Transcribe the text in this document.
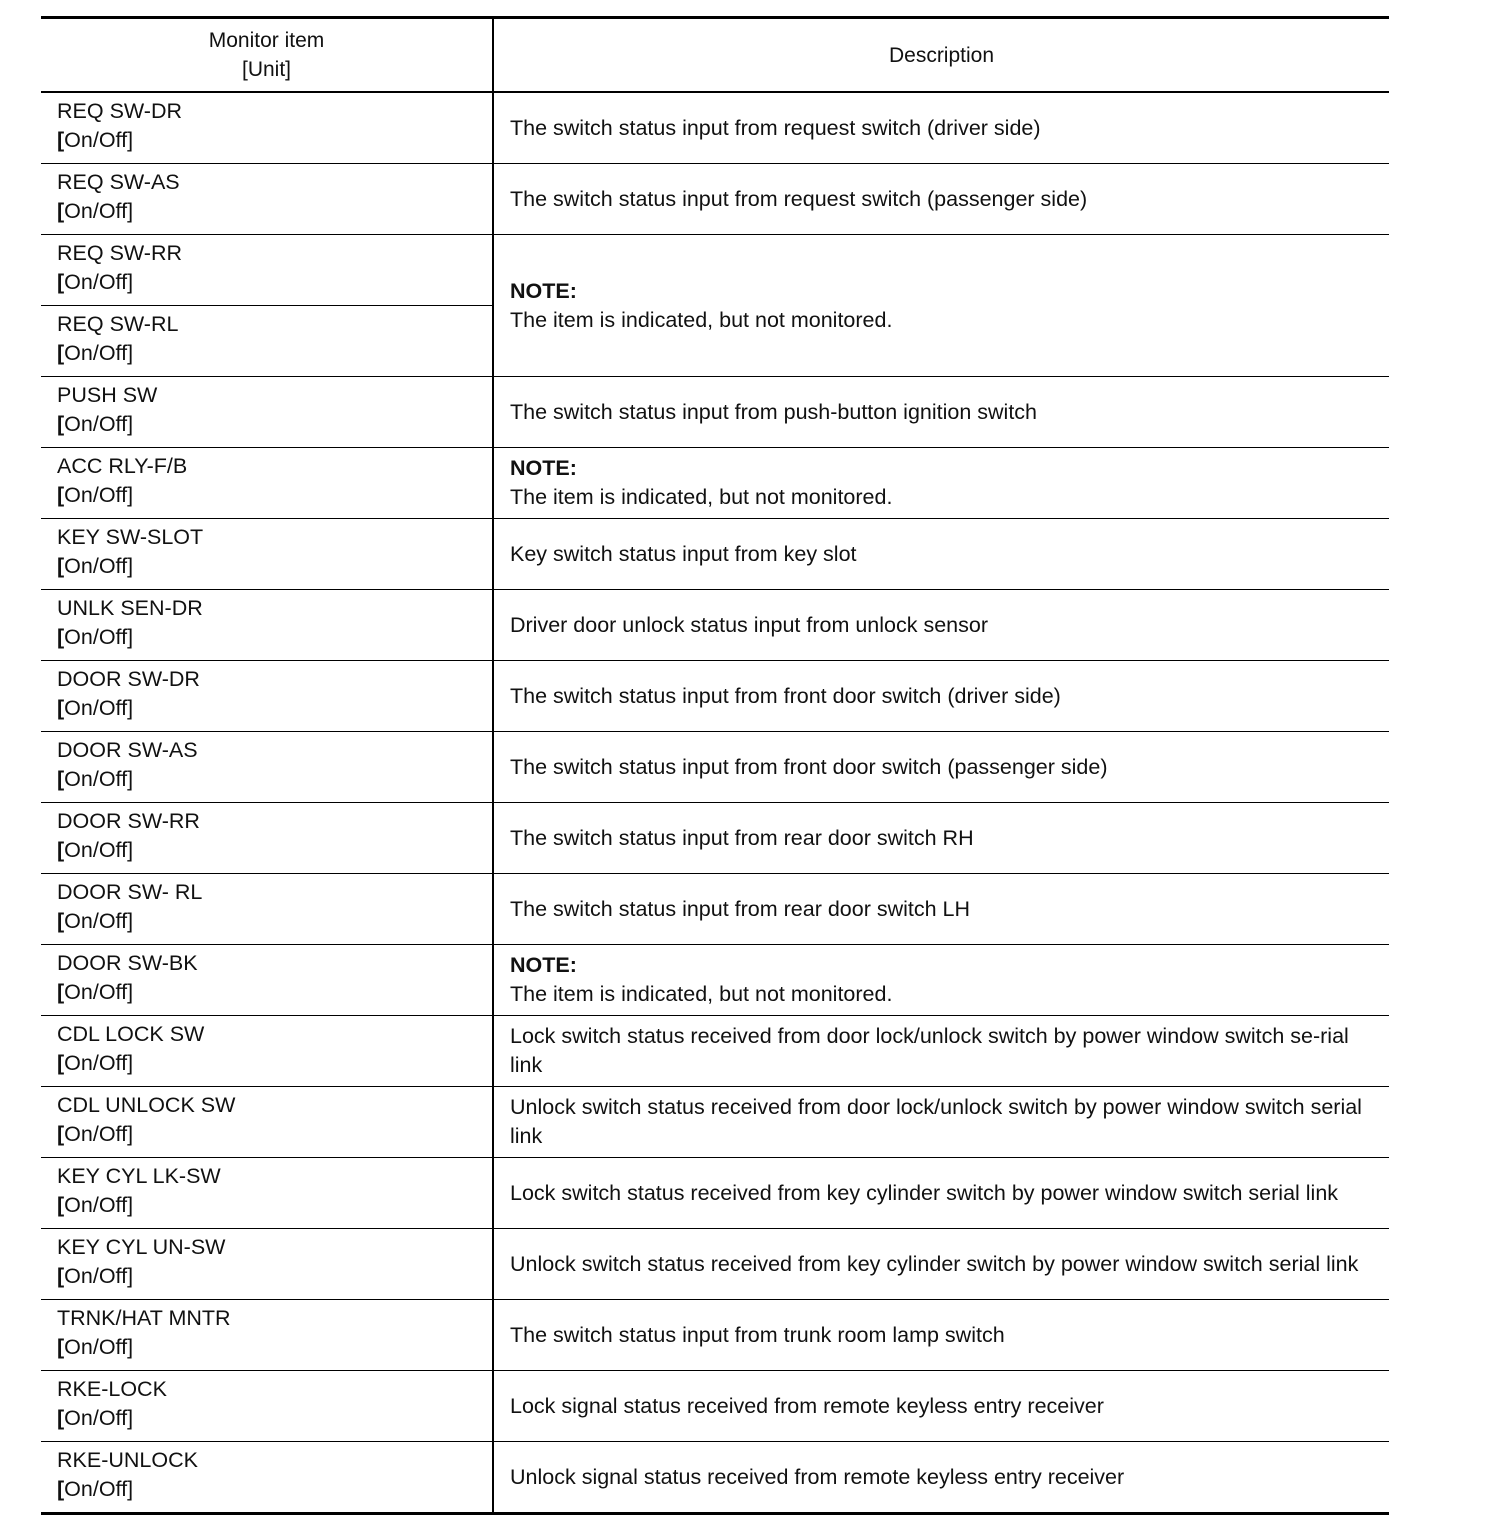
Monitor item
[Unit]	Description

REQ SW-DR
[On/Off]	The switch status input from request switch (driver side)

REQ SW-AS
[On/Off]	The switch status input from request switch (passenger side)

REQ SW-RR
[On/Off]	NOTE:
The item is indicated, but not monitored.

REQ SW-RL
[On/Off]	

PUSH SW
[On/Off]	The switch status input from push-button ignition switch

ACC RLY-F/B
[On/Off]	NOTE:
The item is indicated, but not monitored.

KEY SW-SLOT
[On/Off]	Key switch status input from key slot

UNLK SEN-DR
[On/Off]	Driver door unlock status input from unlock sensor

DOOR SW-DR
[On/Off]	The switch status input from front door switch (driver side)

DOOR SW-AS
[On/Off]	The switch status input from front door switch (passenger side)

DOOR SW-RR
[On/Off]	The switch status input from rear door switch RH

DOOR SW- RL
[On/Off]	The switch status input from rear door switch LH

DOOR SW-BK
[On/Off]	NOTE:
The item is indicated, but not monitored.

CDL LOCK SW
[On/Off]	Lock switch status received from door lock/unlock switch by power window switch se-rial link

CDL UNLOCK SW
[On/Off]	Unlock switch status received from door lock/unlock switch by power window switch serial link

KEY CYL LK-SW
[On/Off]	Lock switch status received from key cylinder switch by power window switch serial link

KEY CYL UN-SW
[On/Off]	Unlock switch status received from key cylinder switch by power window switch serial link

TRNK/HAT MNTR
[On/Off]	The switch status input from trunk room lamp switch

RKE-LOCK
[On/Off]	Lock signal status received from remote keyless entry receiver

RKE-UNLOCK
[On/Off]	Unlock signal status received from remote keyless entry receiver
